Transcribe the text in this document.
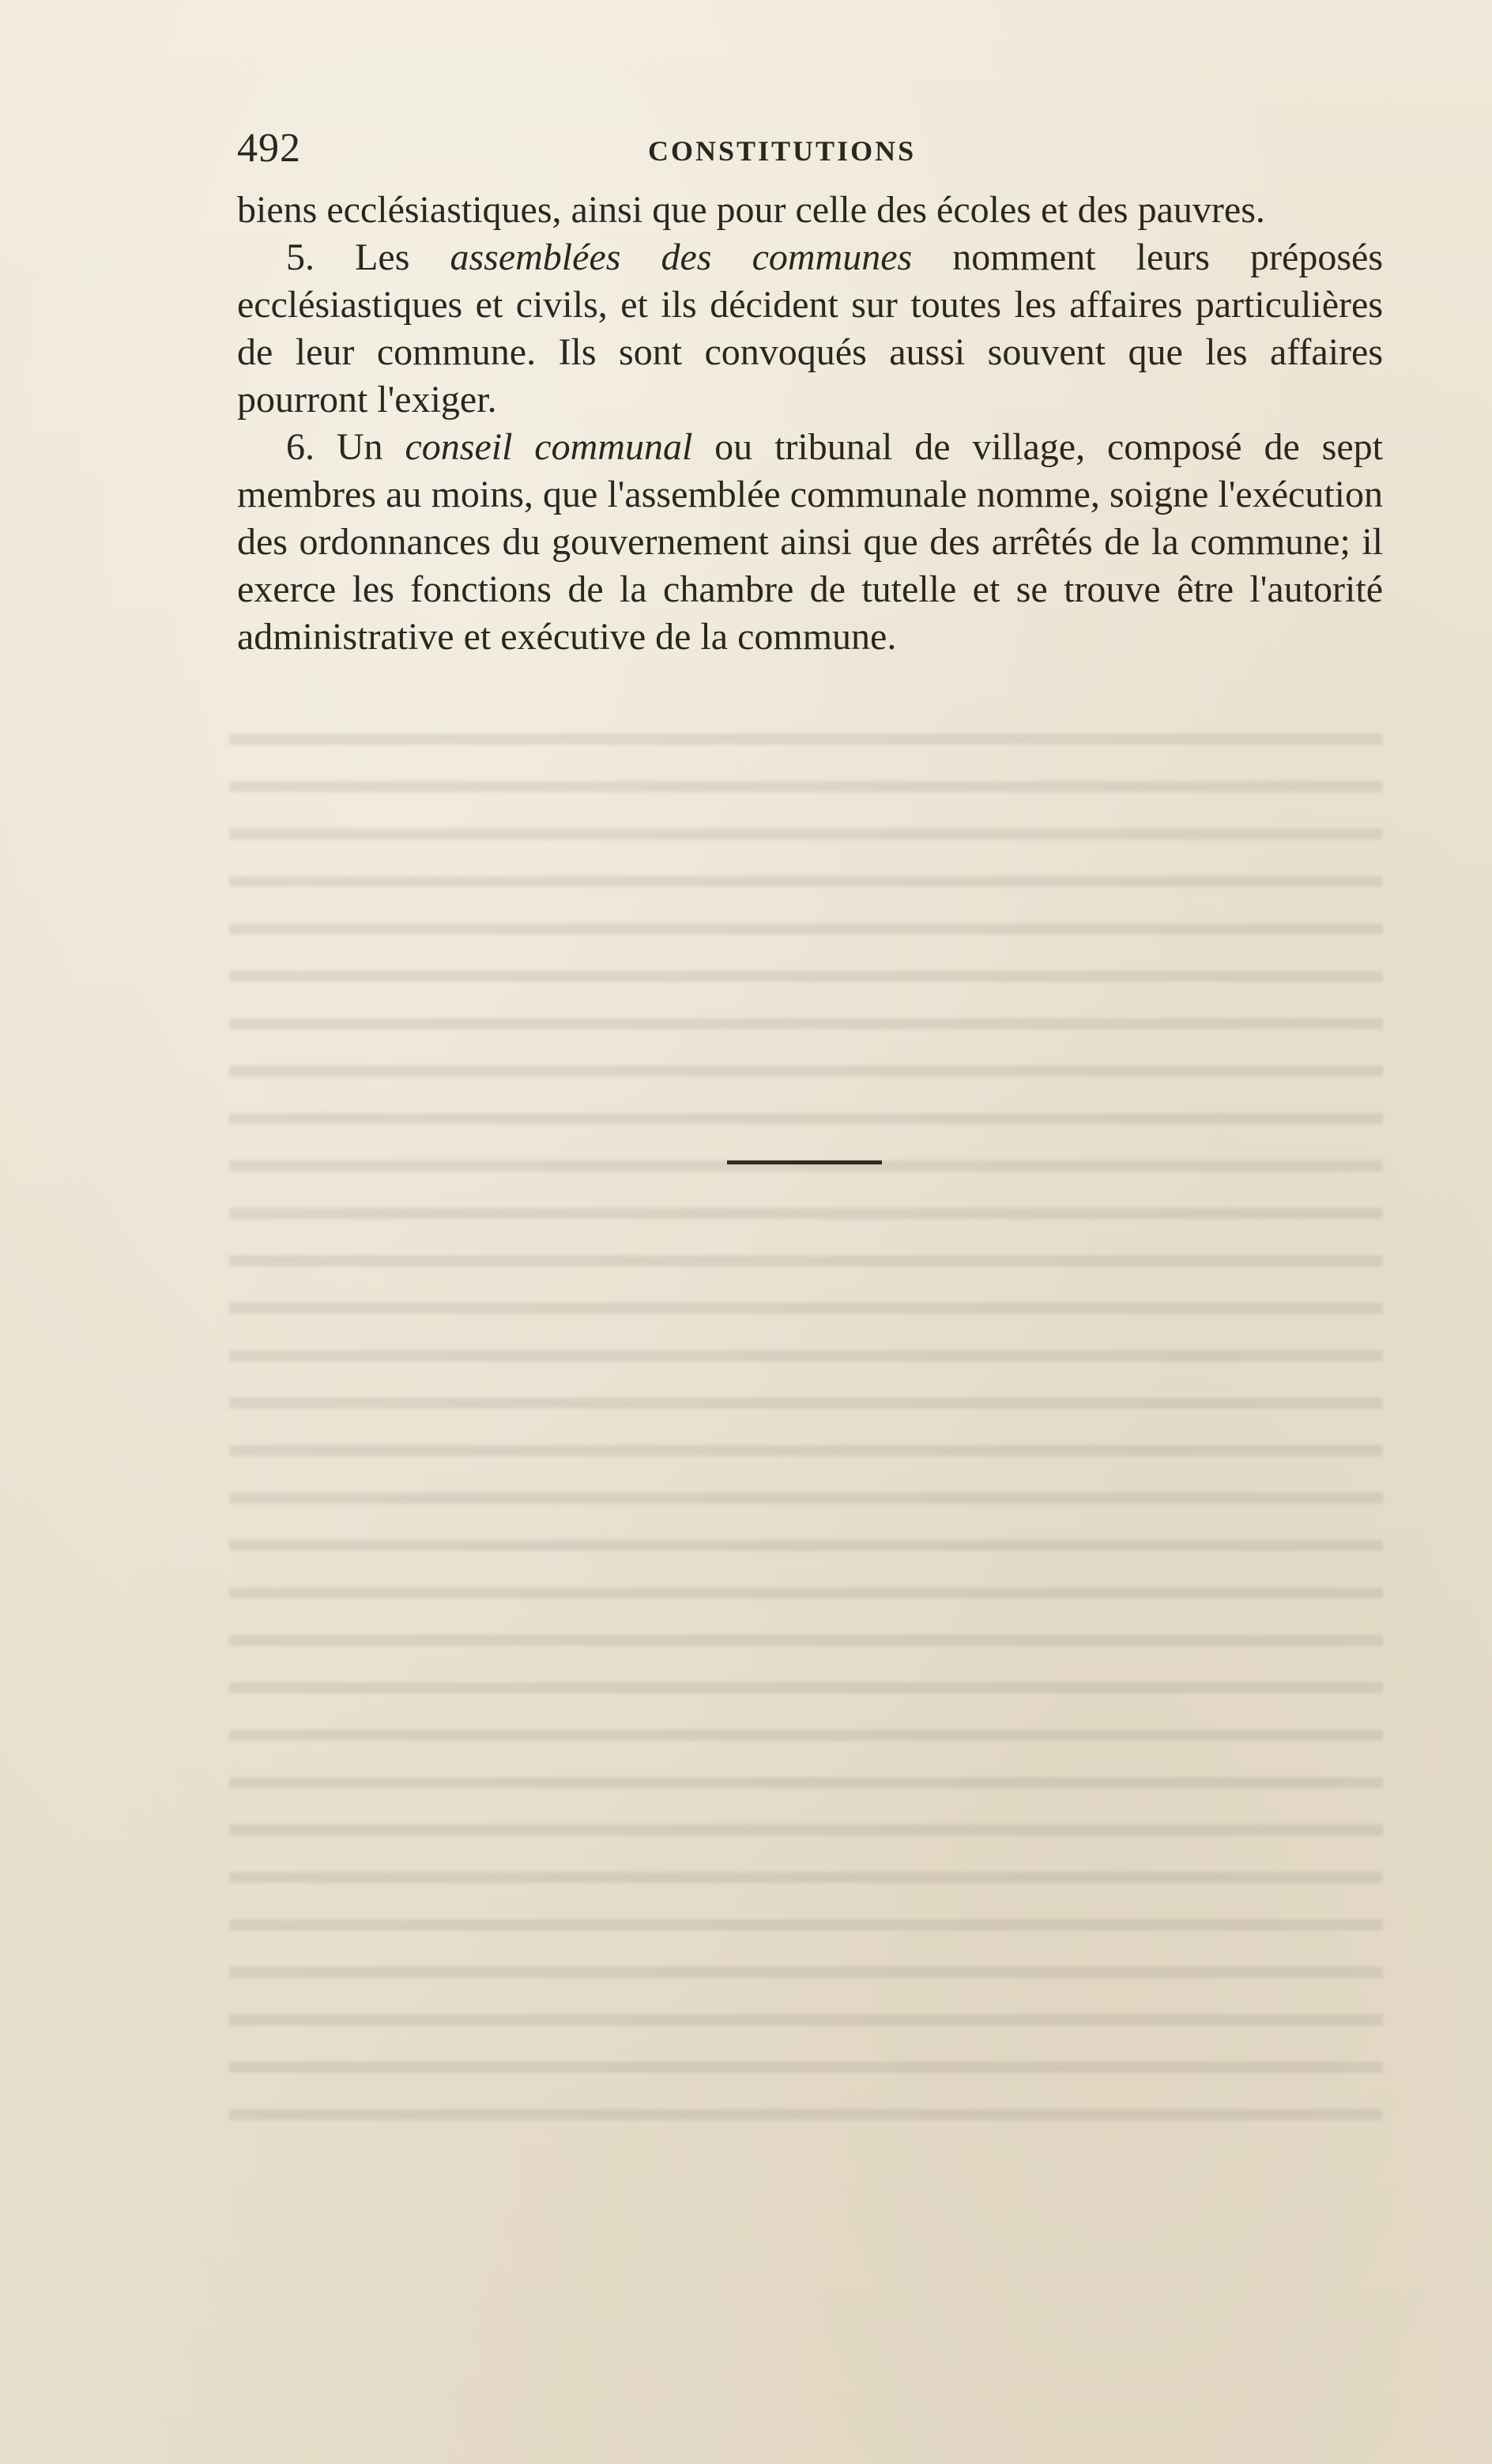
492	CONSTITUTIONS

biens ecclésiastiques, ainsi que pour celle des écoles et des pauvres.

5. Les assemblées des communes nomment leurs préposés ecclésiastiques et civils, et ils décident sur toutes les affaires particulières de leur commune. Ils sont convoqués aussi souvent que les affaires pourront l'exiger.

6. Un conseil communal ou tribunal de village, composé de sept membres au moins, que l'assemblée communale nomme, soigne l'exécution des ordonnances du gouvernement ainsi que des arrêtés de la commune; il exerce les fonctions de la chambre de tutelle et se trouve être l'autorité administrative et exécutive de la commune.
